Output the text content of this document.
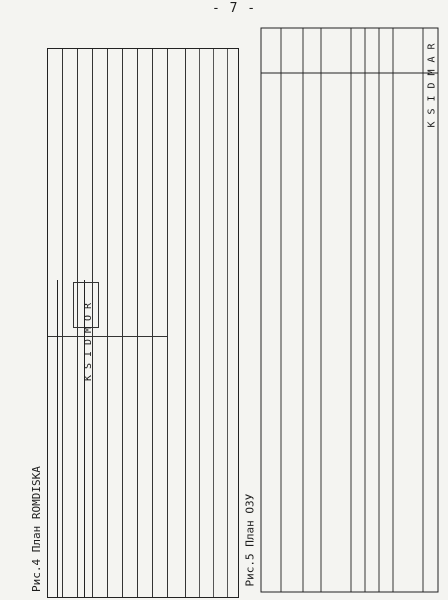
- 7 -
Рис.4 План ROMDISKA	Рис.5 План ОЗУ
R
O
M
D
I
S
K
R
A
M
D
I
S
K
